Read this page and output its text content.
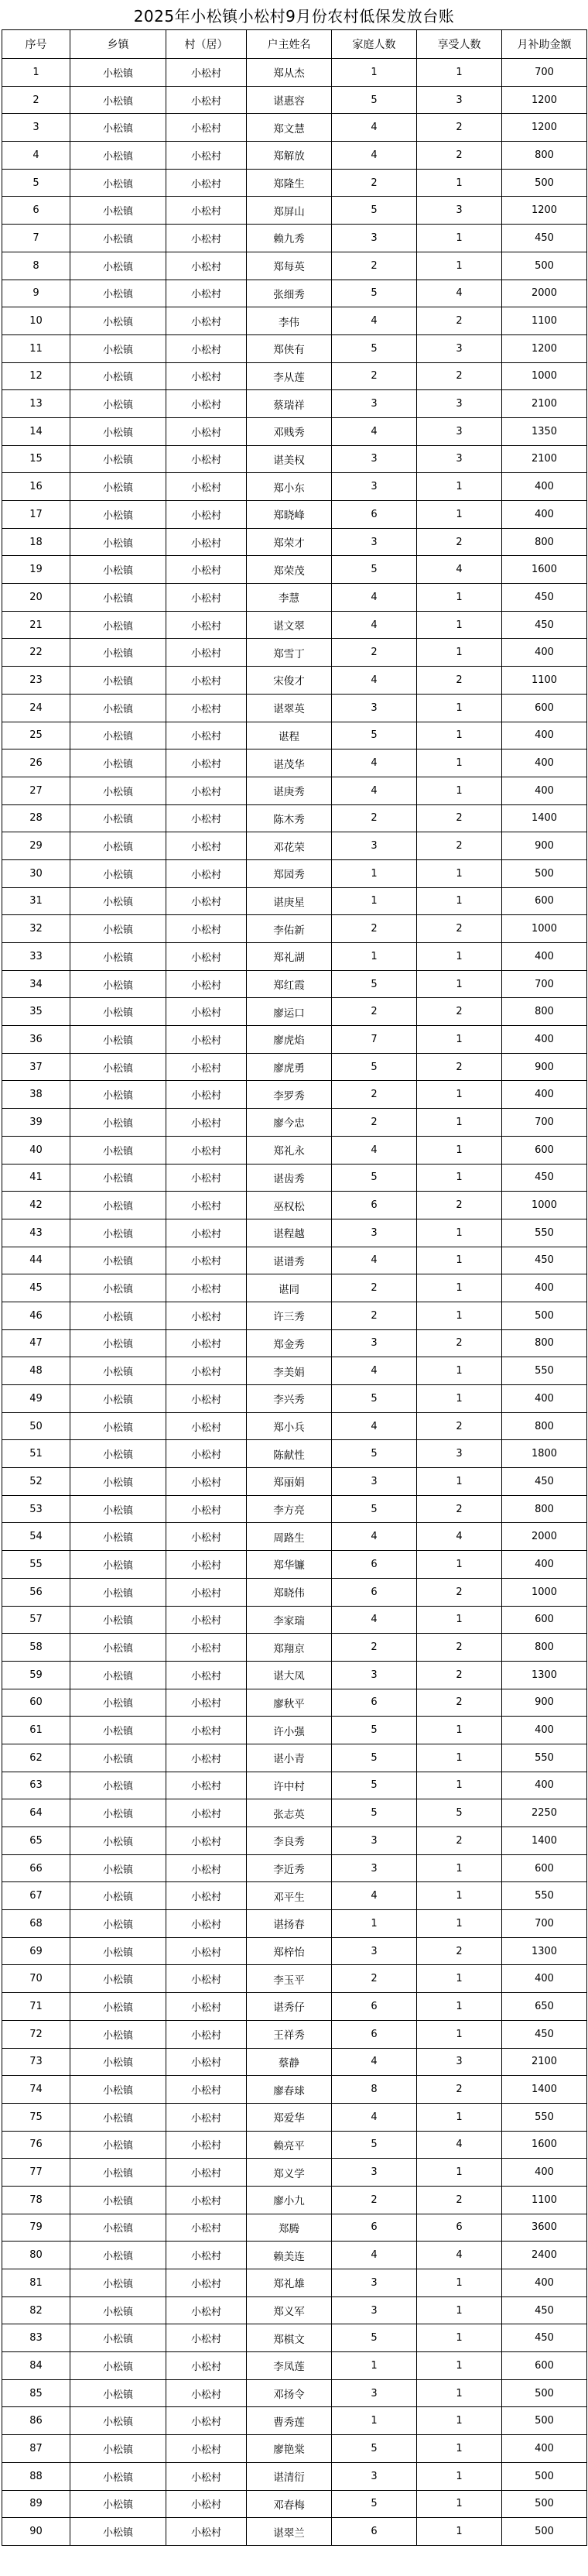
2025年小松镇小松村9月份农村低保发放台账
序号	乡镇	村（居）	户主姓名	家庭人数	享受人数	月补助金额
1	小松镇	小松村	郑从杰	1	1	700
2	小松镇	小松村	谌惠容	5	3	1200
3	小松镇	小松村	郑文慧	4	2	1200
4	小松镇	小松村	郑解放	4	2	800
5	小松镇	小松村	郑隆生	2	1	500
6	小松镇	小松村	郑屏山	5	3	1200
7	小松镇	小松村	赖九秀	3	1	450
8	小松镇	小松村	郑每英	2	1	500
9	小松镇	小松村	张细秀	5	4	2000
10	小松镇	小松村	李伟	4	2	1100
11	小松镇	小松村	郑侠有	5	3	1200
12	小松镇	小松村	李从莲	2	2	1000
13	小松镇	小松村	蔡瑞祥	3	3	2100
14	小松镇	小松村	邓贱秀	4	3	1350
15	小松镇	小松村	谌美权	3	3	2100
16	小松镇	小松村	郑小东	3	1	400
17	小松镇	小松村	郑晓峰	6	1	400
18	小松镇	小松村	郑荣才	3	2	800
19	小松镇	小松村	郑荣茂	5	4	1600
20	小松镇	小松村	李慧	4	1	450
21	小松镇	小松村	谌文翠	4	1	450
22	小松镇	小松村	郑雪丁	2	1	400
23	小松镇	小松村	宋俊才	4	2	1100
24	小松镇	小松村	谌翠英	3	1	600
25	小松镇	小松村	谌程	5	1	400
26	小松镇	小松村	谌茂华	4	1	400
27	小松镇	小松村	谌庚秀	4	1	400
28	小松镇	小松村	陈木秀	2	2	1400
29	小松镇	小松村	邓花荣	3	2	900
30	小松镇	小松村	郑园秀	1	1	500
31	小松镇	小松村	谌庚星	1	1	600
32	小松镇	小松村	李佑新	2	2	1000
33	小松镇	小松村	郑礼湖	1	1	400
34	小松镇	小松村	郑红霞	5	1	700
35	小松镇	小松村	廖运口	2	2	800
36	小松镇	小松村	廖虎焰	7	1	400
37	小松镇	小松村	廖虎勇	5	2	900
38	小松镇	小松村	李罗秀	2	1	400
39	小松镇	小松村	廖今忠	2	1	700
40	小松镇	小松村	郑礼永	4	1	600
41	小松镇	小松村	谌齿秀	5	1	450
42	小松镇	小松村	巫权松	6	2	1000
43	小松镇	小松村	谌程越	3	1	550
44	小松镇	小松村	谌谱秀	4	1	450
45	小松镇	小松村	谌同	2	1	400
46	小松镇	小松村	许三秀	2	1	500
47	小松镇	小松村	郑金秀	3	2	800
48	小松镇	小松村	李美娟	4	1	550
49	小松镇	小松村	李兴秀	5	1	400
50	小松镇	小松村	郑小兵	4	2	800
51	小松镇	小松村	陈献性	5	3	1800
52	小松镇	小松村	郑丽娟	3	1	450
53	小松镇	小松村	李方亮	5	2	800
54	小松镇	小松村	周路生	4	4	2000
55	小松镇	小松村	郑华镰	6	1	400
56	小松镇	小松村	郑晓伟	6	2	1000
57	小松镇	小松村	李家瑞	4	1	600
58	小松镇	小松村	郑翔京	2	2	800
59	小松镇	小松村	谌大凤	3	2	1300
60	小松镇	小松村	廖秋平	6	2	900
61	小松镇	小松村	许小强	5	1	400
62	小松镇	小松村	谌小青	5	1	550
63	小松镇	小松村	许中村	5	1	400
64	小松镇	小松村	张志英	5	5	2250
65	小松镇	小松村	李良秀	3	2	1400
66	小松镇	小松村	李近秀	3	1	600
67	小松镇	小松村	邓平生	4	1	550
68	小松镇	小松村	谌扬春	1	1	700
69	小松镇	小松村	郑梓怡	3	2	1300
70	小松镇	小松村	李玉平	2	1	400
71	小松镇	小松村	谌秀仔	6	1	650
72	小松镇	小松村	王祥秀	6	1	450
73	小松镇	小松村	蔡静	4	3	2100
74	小松镇	小松村	廖春球	8	2	1400
75	小松镇	小松村	郑爱华	4	1	550
76	小松镇	小松村	赖亮平	5	4	1600
77	小松镇	小松村	郑义学	3	1	400
78	小松镇	小松村	廖小九	2	2	1100
79	小松镇	小松村	郑腾	6	6	3600
80	小松镇	小松村	赖美连	4	4	2400
81	小松镇	小松村	郑礼雄	3	1	400
82	小松镇	小松村	郑义军	3	1	450
83	小松镇	小松村	郑棋文	5	1	450
84	小松镇	小松村	李凤莲	1	1	600
85	小松镇	小松村	邓扬令	3	1	500
86	小松镇	小松村	曹秀莲	1	1	500
87	小松镇	小松村	廖艳棠	5	1	400
88	小松镇	小松村	谌清衍	3	1	500
89	小松镇	小松村	邓春梅	5	1	500
90	小松镇	小松村	谌翠兰	6	1	500
